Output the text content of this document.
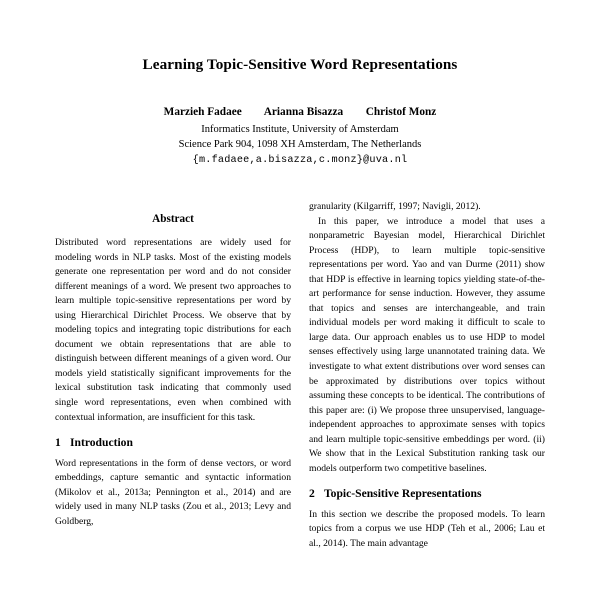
Learning Topic-Sensitive Word Representations
Marzieh Fadaee        Arianna Bisazza        Christof Monz
Informatics Institute, University of Amsterdam
Science Park 904, 1098 XH Amsterdam, The Netherlands
{m.fadaee,a.bisazza,c.monz}@uva.nl
Abstract

Distributed word representations are widely used for modeling words in NLP tasks. Most of the existing models generate one representation per word and do not consider different meanings of a word. We present two approaches to learn multiple topic-sensitive representations per word by using Hierarchical Dirichlet Process. We observe that by modeling topics and integrating topic distributions for each document we obtain representations that are able to distinguish between different meanings of a given word. Our models yield statistically significant improvements for the lexical substitution task indicating that commonly used single word representations, even when combined with contextual information, are insufficient for this task.

1 Introduction

Word representations in the form of dense vectors, or word embeddings, capture semantic and syntactic information (Mikolov et al., 2013a; Pennington et al., 2014) and are widely used in many NLP tasks (Zou et al., 2013; Levy and Goldberg,

granularity (Kilgarriff, 1997; Navigli, 2012).

In this paper, we introduce a model that uses a nonparametric Bayesian model, Hierarchical Dirichlet Process (HDP), to learn multiple topic-sensitive representations per word. Yao and van Durme (2011) show that HDP is effective in learning topics yielding state-of-the-art performance for sense induction. However, they assume that topics and senses are interchangeable, and train individual models per word making it difficult to scale to large data. Our approach enables us to use HDP to model senses effectively using large unannotated training data. We investigate to what extent distributions over word senses can be approximated by distributions over topics without assuming these concepts to be identical. The contributions of this paper are: (i) We propose three unsupervised, language-independent approaches to approximate senses with topics and learn multiple topic-sensitive embeddings per word. (ii) We show that in the Lexical Substitution ranking task our models outperform two competitive baselines.

2 Topic-Sensitive Representations

In this section we describe the proposed models. To learn topics from a corpus we use HDP (Teh et al., 2006; Lau et al., 2014). The main advantage
